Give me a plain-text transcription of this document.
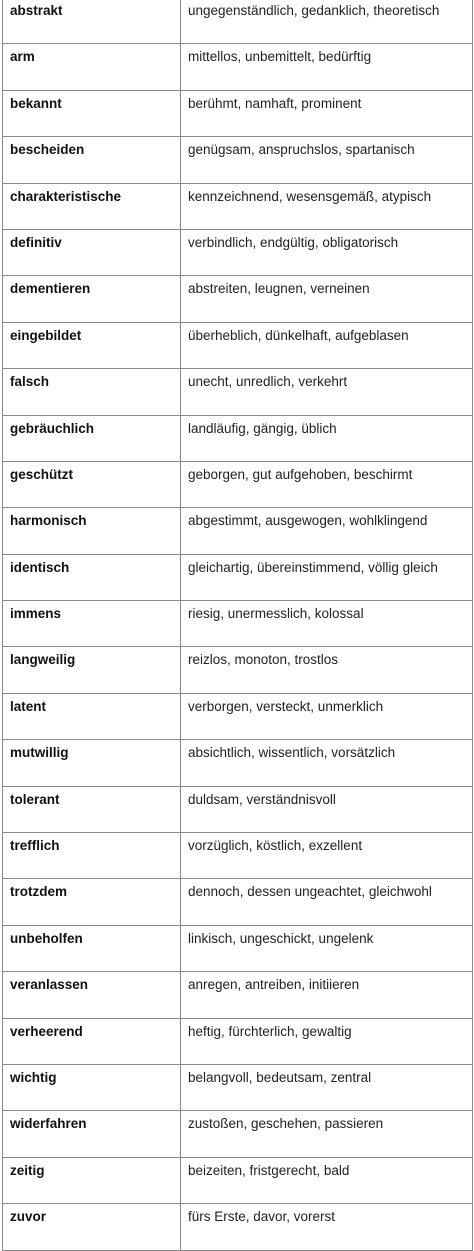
abstrakt	ungegenständlich, gedanklich, theoretisch
arm	mittellos, unbemittelt, bedürftig
bekannt	berühmt, namhaft, prominent
bescheiden	genügsam, anspruchslos, spartanisch
charakteristische	kennzeichnend, wesensgemäß, atypisch
definitiv	verbindlich, endgültig, obligatorisch
dementieren	abstreiten, leugnen, verneinen
eingebildet	überheblich, dünkelhaft, aufgeblasen
falsch	unecht, unredlich, verkehrt
gebräuchlich	landläufig, gängig, üblich
geschützt	geborgen, gut aufgehoben, beschirmt
harmonisch	abgestimmt, ausgewogen, wohlklingend
identisch	gleichartig, übereinstimmend, völlig gleich
immens	riesig, unermesslich, kolossal
langweilig	reizlos, monoton, trostlos
latent	verborgen, versteckt, unmerklich
mutwillig	absichtlich, wissentlich, vorsätzlich
tolerant	duldsam, verständnisvoll
trefflich	vorzüglich, köstlich, exzellent
trotzdem	dennoch, dessen ungeachtet, gleichwohl
unbeholfen	linkisch, ungeschickt, ungelenk
veranlassen	anregen, antreiben, initiieren
verheerend	heftig, fürchterlich, gewaltig
wichtig	belangvoll, bedeutsam, zentral
widerfahren	zustoßen, geschehen, passieren
zeitig	beizeiten, fristgerecht, bald
zuvor	fürs Erste, davor, vorerst
